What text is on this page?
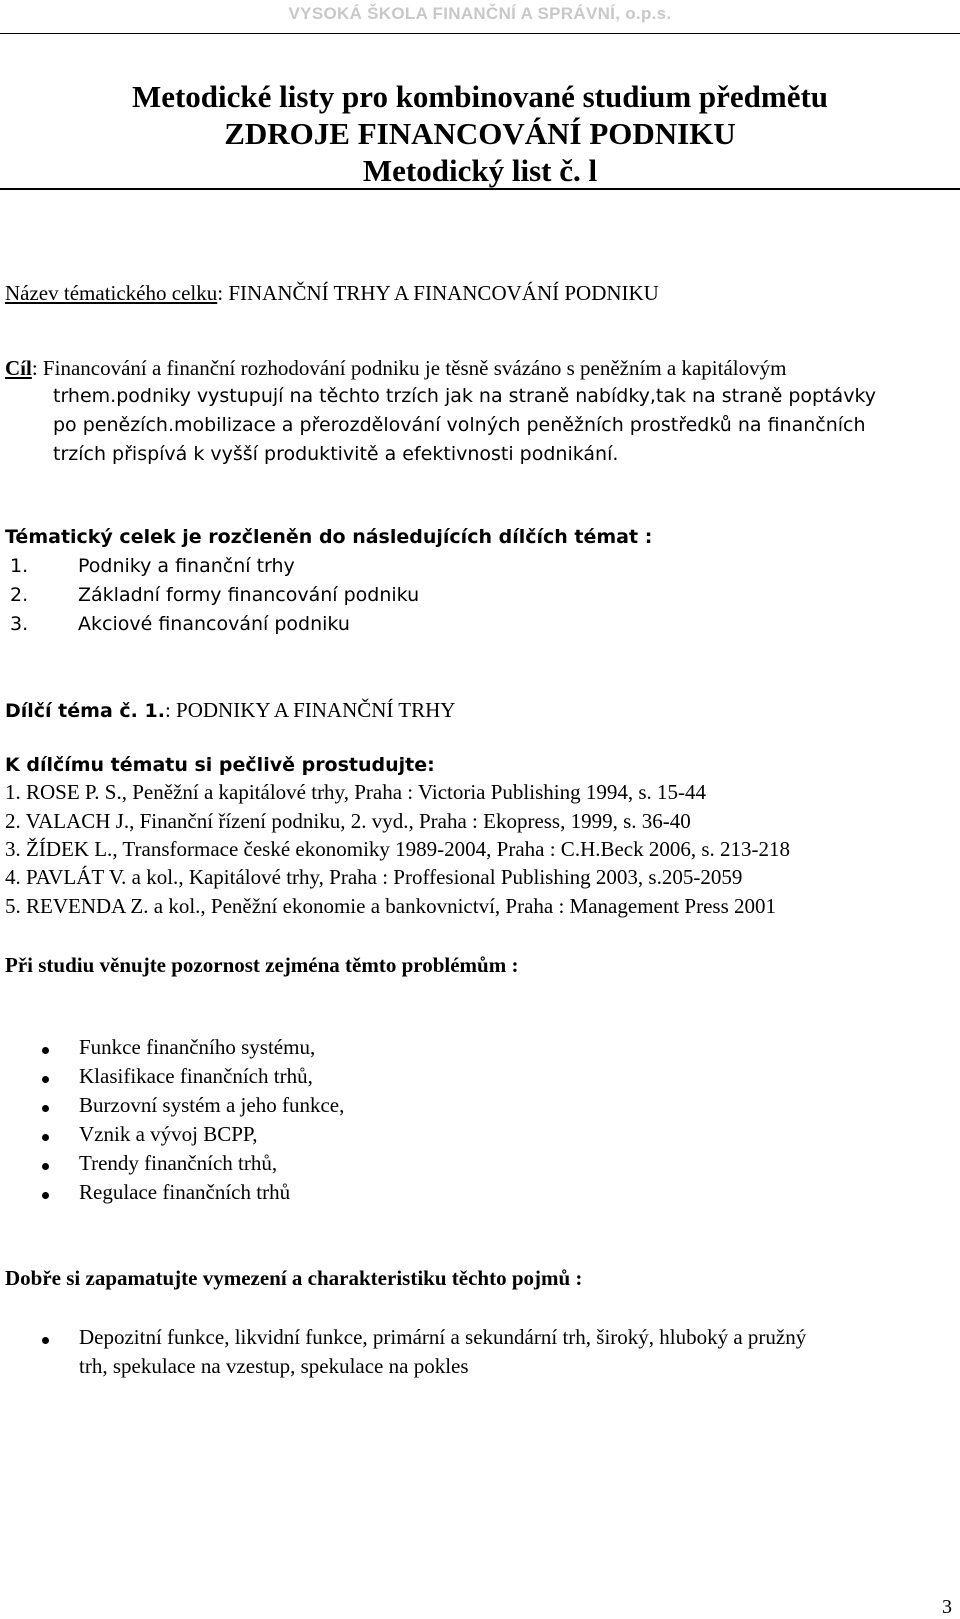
VYSOKÁ ŠKOLA FINANČNÍ A SPRÁVNÍ, o.p.s.
Metodické listy pro kombinované studium předmětu
ZDROJE FINANCOVÁNÍ PODNIKU
Metodický list č. l
Název tématického celku: FINANČNÍ TRHY A FINANCOVÁNÍ PODNIKU
Cíl: Financování a finanční rozhodování podniku je těsně svázáno s peněžním a kapitálovým
trhem.podniky vystupují na těchto trzích jak na straně nabídky,tak na straně poptávky
po penězích.mobilizace a přerozdělování volných peněžních prostředků na finančních
trzích přispívá k vyšší produktivitě a efektivnosti podnikání.
Tématický celek je rozčleněn do následujících dílčích témat :
1.	Podniky a finanční trhy
2.	Základní formy financování podniku
3.	Akciové financování podniku
Dílčí téma č. 1.: PODNIKY A FINANČNÍ TRHY
K dílčímu tématu si pečlivě prostudujte:
1. ROSE P. S., Peněžní a kapitálové trhy, Praha : Victoria Publishing 1994, s. 15-44
2. VALACH J., Finanční řízení podniku, 2. vyd., Praha : Ekopress, 1999, s. 36-40
3. ŽÍDEK L., Transformace české ekonomiky 1989-2004, Praha : C.H.Beck 2006, s. 213-218
4. PAVLÁT V. a kol., Kapitálové trhy, Praha : Proffesional Publishing 2003, s.205-2059
5. REVENDA Z. a kol., Peněžní ekonomie a bankovnictví, Praha : Management Press 2001
Při studiu věnujte pozornost zejména těmto problémům :
Funkce finančního systému,
Klasifikace finančních trhů,
Burzovní systém a jeho funkce,
Vznik a vývoj BCPP,
Trendy finančních trhů,
Regulace finančních trhů
Dobře si zapamatujte vymezení a charakteristiku těchto pojmů :
Depozitní funkce, likvidní funkce, primární a sekundární trh, široký, hluboký a pružný
trh, spekulace na vzestup, spekulace na pokles
3
